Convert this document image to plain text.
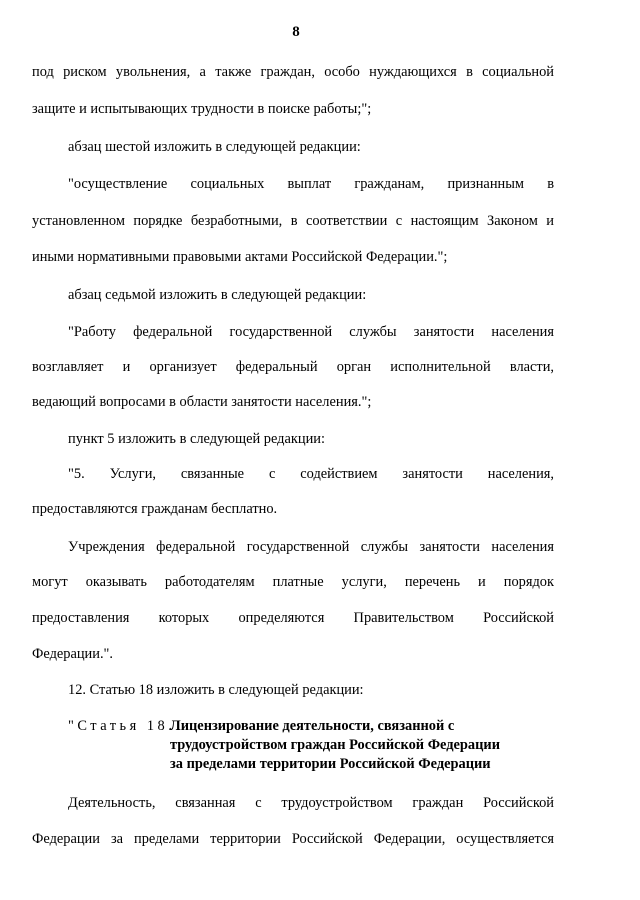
8
под риском увольнения, а также граждан, особо нуждающихся в социальной
защите и испытывающих трудности в поиске работы;";
абзац шестой изложить в следующей редакции:
"осуществление социальных выплат гражданам, признанным в
установленном порядке безработными, в соответствии с настоящим Законом и
иными нормативными правовыми актами Российской Федерации.";
абзац седьмой изложить в следующей редакции:
"Работу федеральной государственной службы занятости населения
возглавляет и организует федеральный орган исполнительной власти,
ведающий вопросами в области занятости населения.";
пункт 5 изложить в следующей редакции:
"5. Услуги, связанные с содействием занятости населения,
предоставляются гражданам бесплатно.
Учреждения федеральной государственной службы занятости населения
могут оказывать работодателям платные услуги, перечень и порядок
предоставления которых определяются Правительством Российской
Федерации.".
12. Статью 18 изложить в следующей редакции:
"Статья 18.
Лицензирование деятельности, связанной с
трудоустройством граждан Российской Федерации
за пределами территории Российской Федерации
Деятельность, связанная с трудоустройством граждан Российской
Федерации за пределами территории Российской Федерации, осуществляется
